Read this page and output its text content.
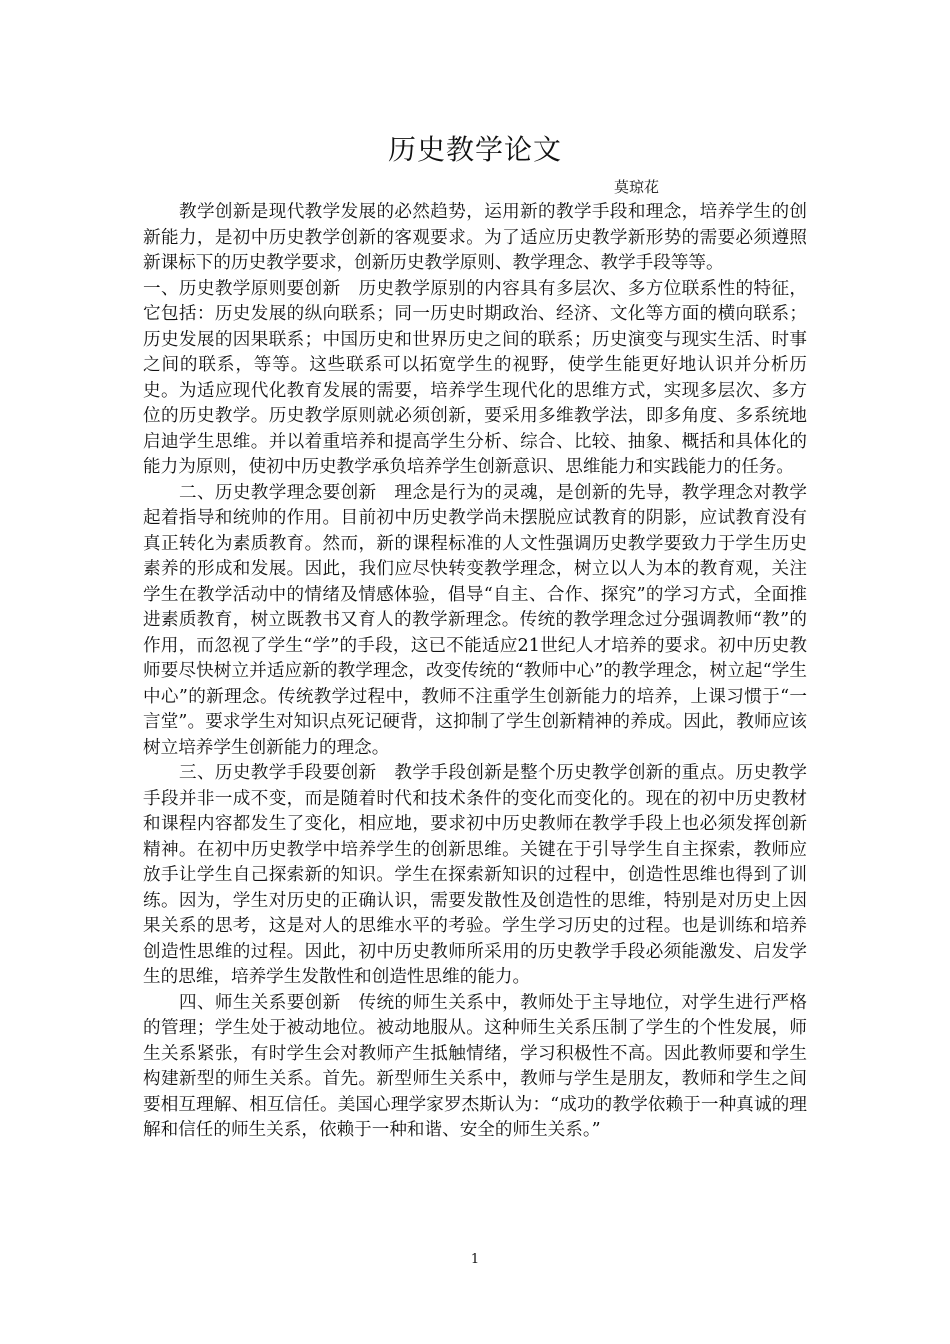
历史教学论文
莫琼花

教学创新是现代教学发展的必然趋势，运用新的教学手段和理念，培养学生的创新能力，是初中历史教学创新的客观要求。为了适应历史教学新形势的需要必须遵照新课标下的历史教学要求，创新历史教学原则、教学理念、教学手段等等。

一、历史教学原则要创新　历史教学原别的内容具有多层次、多方位联系性的特征，它包括：历史发展的纵向联系；同一历史时期政治、经济、文化等方面的横向联系；历史发展的因果联系；中国历史和世界历史之间的联系；历史演变与现实生活、时事之间的联系，等等。这些联系可以拓宽学生的视野，使学生能更好地认识并分析历史。为适应现代化教育发展的需要，培养学生现代化的思维方式，实现多层次、多方位的历史教学。历史教学原则就必须创新，要采用多维教学法，即多角度、多系统地启迪学生思维。并以着重培养和提高学生分析、综合、比较、抽象、概括和具体化的能力为原则，使初中历史教学承负培养学生创新意识、思维能力和实践能力的任务。

二、历史教学理念要创新　理念是行为的灵魂，是创新的先导，教学理念对教学起着指导和统帅的作用。目前初中历史教学尚未摆脱应试教育的阴影，应试教育没有真正转化为素质教育。然而，新的课程标准的人文性强调历史教学要致力于学生历史素养的形成和发展。因此，我们应尽快转变教学理念，树立以人为本的教育观，关注学生在教学活动中的情绪及情感体验，倡导“自主、合作、探究”的学习方式，全面推进素质教育，树立既教书又育人的教学新理念。传统的教学理念过分强调教师“教”的作用，而忽视了学生“学”的手段，这已不能适应21世纪人才培养的要求。初中历史教师要尽快树立并适应新的教学理念，改变传统的“教师中心”的教学理念，树立起“学生中心”的新理念。传统教学过程中，教师不注重学生创新能力的培养，上课习惯于“一言堂”。要求学生对知识点死记硬背，这抑制了学生创新精神的养成。因此，教师应该树立培养学生创新能力的理念。

三、历史教学手段要创新　教学手段创新是整个历史教学创新的重点。历史教学手段并非一成不变，而是随着时代和技术条件的变化而变化的。现在的初中历史教材和课程内容都发生了变化，相应地，要求初中历史教师在教学手段上也必须发挥创新精神。在初中历史教学中培养学生的创新思维。关键在于引导学生自主探索，教师应放手让学生自己探索新的知识。学生在探索新知识的过程中，创造性思维也得到了训练。因为，学生对历史的正确认识，需要发散性及创造性的思维，特别是对历史上因果关系的思考，这是对人的思维水平的考验。学生学习历史的过程。也是训练和培养创造性思维的过程。因此，初中历史教师所采用的历史教学手段必须能激发、启发学生的思维，培养学生发散性和创造性思维的能力。

四、师生关系要创新　传统的师生关系中，教师处于主导地位，对学生进行严格的管理；学生处于被动地位。被动地服从。这种师生关系压制了学生的个性发展，师生关系紧张，有时学生会对教师产生抵触情绪，学习积极性不高。因此教师要和学生构建新型的师生关系。首先。新型师生关系中，教师与学生是朋友，教师和学生之间要相互理解、相互信任。美国心理学家罗杰斯认为：“成功的教学依赖于一种真诚的理解和信任的师生关系，依赖于一种和谐、安全的师生关系。”

1
